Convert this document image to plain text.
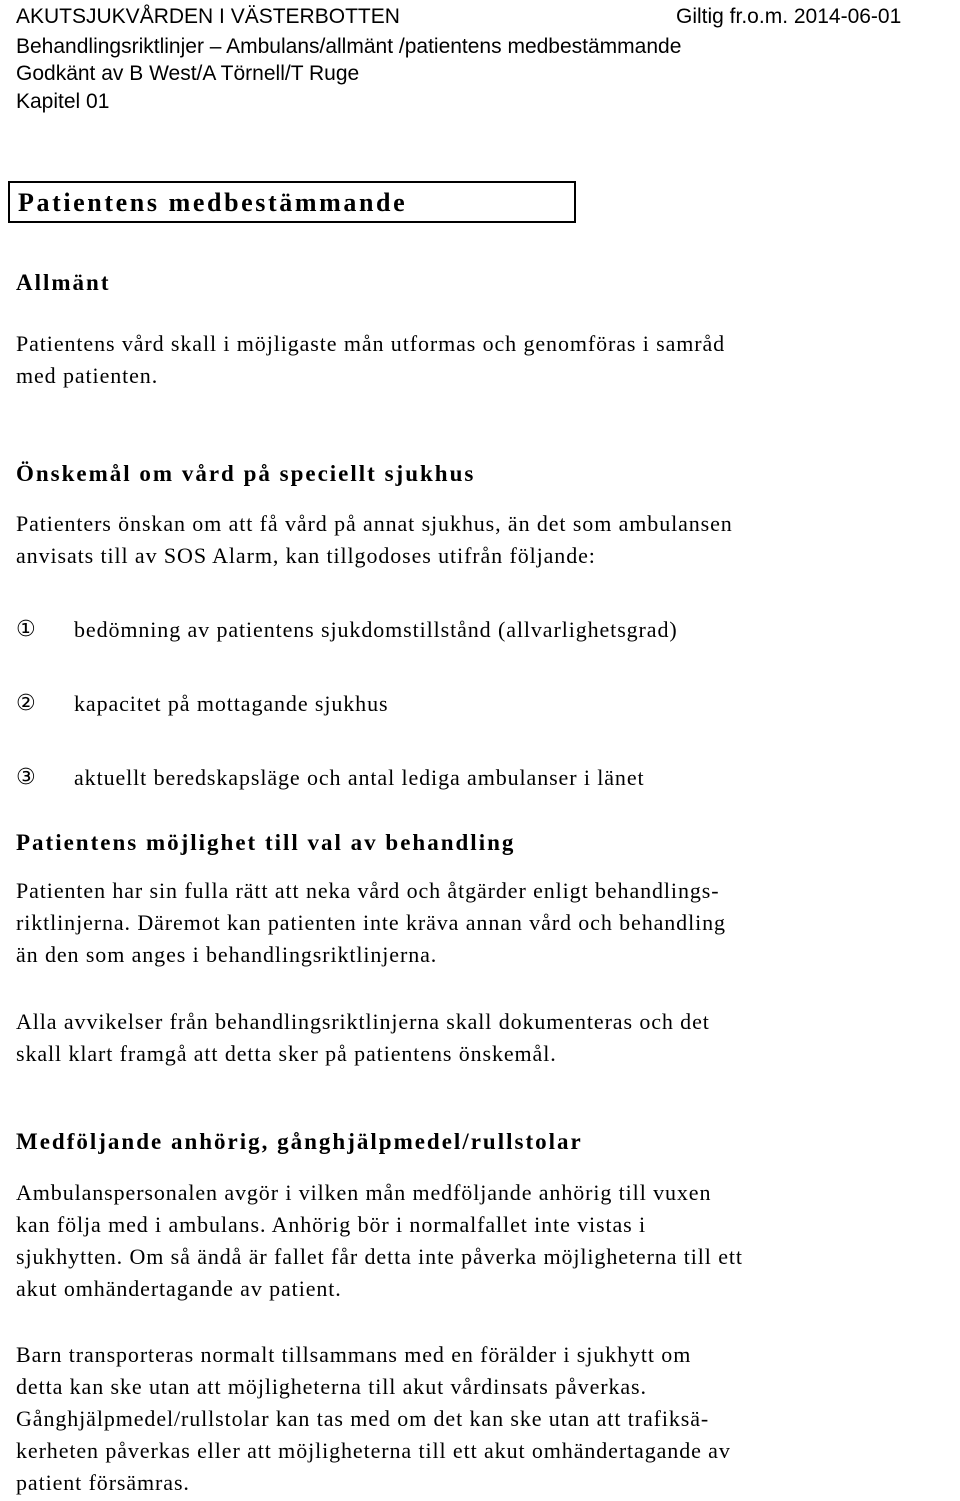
AKUTSJUKVÅRDEN I VÄSTERBOTTEN	Giltig fr.o.m. 2014-06-01
Behandlingsriktlinjer – Ambulans/allmänt /patientens medbestämmande
Godkänt av B West/A Törnell/T Ruge
Kapitel 01
Patientens medbestämmande
Allmänt
Patientens vård skall i möjligaste mån utformas och genomföras i samråd
med patienten.
Önskemål om vård på speciellt sjukhus
Patienters önskan om att få vård på annat sjukhus, än det som ambulansen
anvisats till av SOS Alarm, kan tillgodoses utifrån följande:
① bedömning av patientens sjukdomstillstånd (allvarlighetsgrad)
② kapacitet på mottagande sjukhus
③ aktuellt beredskapsläge och antal lediga ambulanser i länet
Patientens möjlighet till val av behandling
Patienten har sin fulla rätt att neka vård och åtgärder enligt behandlings-
riktlinjerna. Däremot kan patienten inte kräva annan vård och behandling
än den som anges i behandlingsriktlinjerna.
Alla avvikelser från behandlingsriktlinjerna skall dokumenteras och det
skall klart framgå att detta sker på patientens önskemål.
Medföljande anhörig, gånghjälpmedel/rullstolar
Ambulanspersonalen avgör i vilken mån medföljande anhörig till vuxen
kan följa med i ambulans. Anhörig bör i normalfallet inte vistas i
sjukhytten. Om så ändå är fallet får detta inte påverka möjligheterna till ett
akut omhändertagande av patient.
Barn transporteras normalt tillsammans med en förälder i sjukhytt om
detta kan ske utan att möjligheterna till akut vårdinsats påverkas.
Gånghjälpmedel/rullstolar kan tas med om det kan ske utan att trafiksä-
kerheten påverkas eller att möjligheterna till ett akut omhändertagande av
patient försämras.
